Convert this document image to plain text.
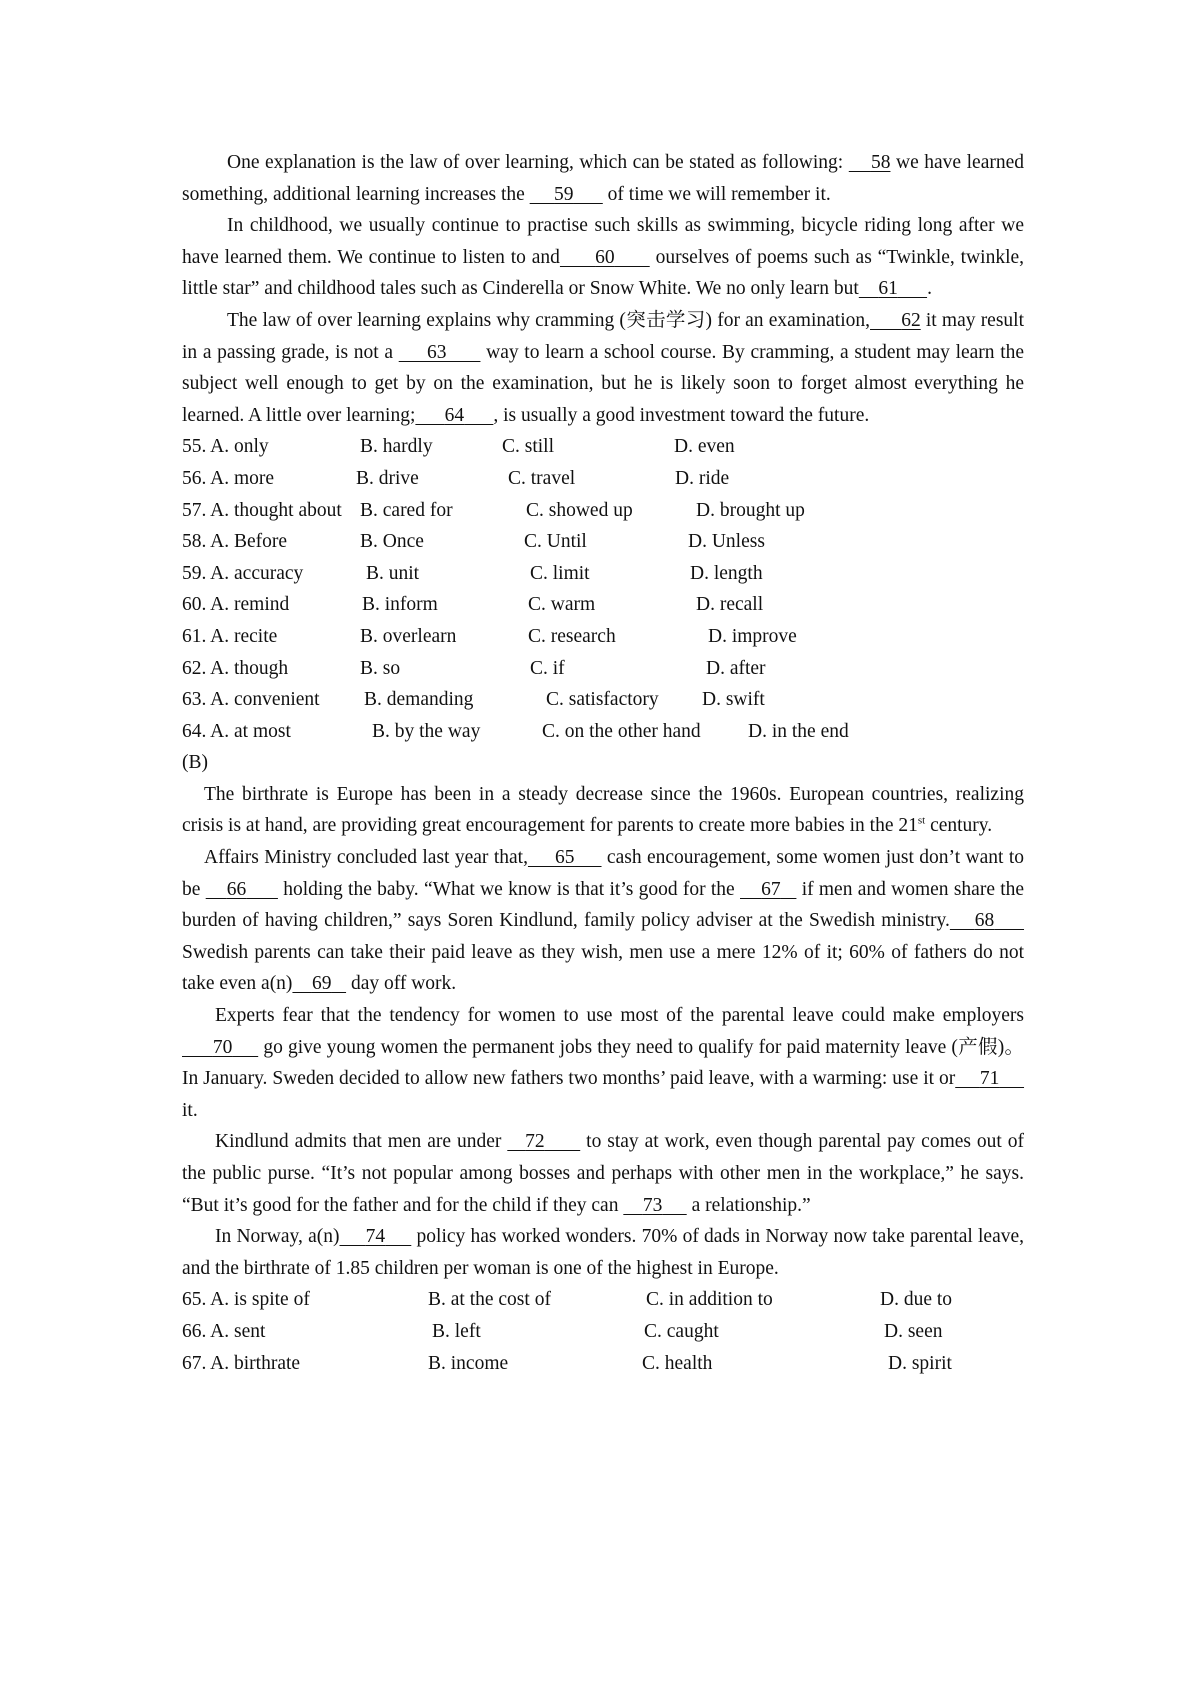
One explanation is the law of over learning, which can be stated as following: 58 we have learned something, additional learning increases the 59 of time we will remember it.

In childhood, we usually continue to practise such skills as swimming, bicycle riding long after we have learned them. We continue to listen to and 60 ourselves of poems such as “Twinkle, twinkle, little star” and childhood tales such as Cinderella or Snow White. We no only learn but 61 .

The law of over learning explains why cramming (突击学习) for an examination, 62 it may result in a passing grade, is not a 63 way to learn a school course. By cramming, a student may learn the subject well enough to get by on the examination, but he is likely soon to forget almost everything he learned. A little over learning; 64 , is usually a good investment toward the future.

55. A. only	B. hardly	C. still	D. even
56. A. more	B. drive	C. travel	D. ride
57. A. thought about B. cared for	C. showed up	D. brought up
58. A. Before	B. Once	C. Until	D. Unless
59. A. accuracy	B. unit	C. limit	D. length
60. A. remind	B. inform	C. warm	D. recall
61. A. recite	B. overlearn	C. research	D. improve
62. A. though	B. so	C. if	D. after
63. A. convenient	B. demanding	C. satisfactory	D. swift
64. A. at most	B. by the way	C. on the other hand	D. in the end

(B)

The birthrate is Europe has been in a steady decrease since the 1960s. European countries, realizing crisis is at hand, are providing great encouragement for parents to create more babies in the 21st century.

Affairs Ministry concluded last year that, 65 cash encouragement, some women just don’t want to be 66 holding the baby. “What we know is that it’s good for the 67 if men and women share the burden of having children,” says Soren Kindlund, family policy adviser at the Swedish ministry. 68      Swedish parents can take their paid leave as they wish, men use a mere 12% of it; 60% of fathers do not take even a(n) 69 day off work.

Experts fear that the tendency for women to use most of the parental leave could make employers      70 go give young women the permanent jobs they need to qualify for paid maternity leave (产假)。In January. Sweden decided to allow new fathers two months’ paid leave, with a warming: use it or 71      it.

Kindlund admits that men are under 72 to stay at work, even though parental pay comes out of the public purse. “It’s not popular among bosses and perhaps with other men in the workplace,” he says. “But it’s good for the father and for the child if they can 73 a relationship.”

In Norway, a(n) 74 policy has worked wonders. 70% of dads in Norway now take parental leave, and the birthrate of 1.85 children per woman is one of the highest in Europe.

65. A. is spite of	B. at the cost of	C. in addition to	D. due to
66. A. sent	B. left	C. caught	D. seen
67. A. birthrate	B. income	C. health	D. spirit
